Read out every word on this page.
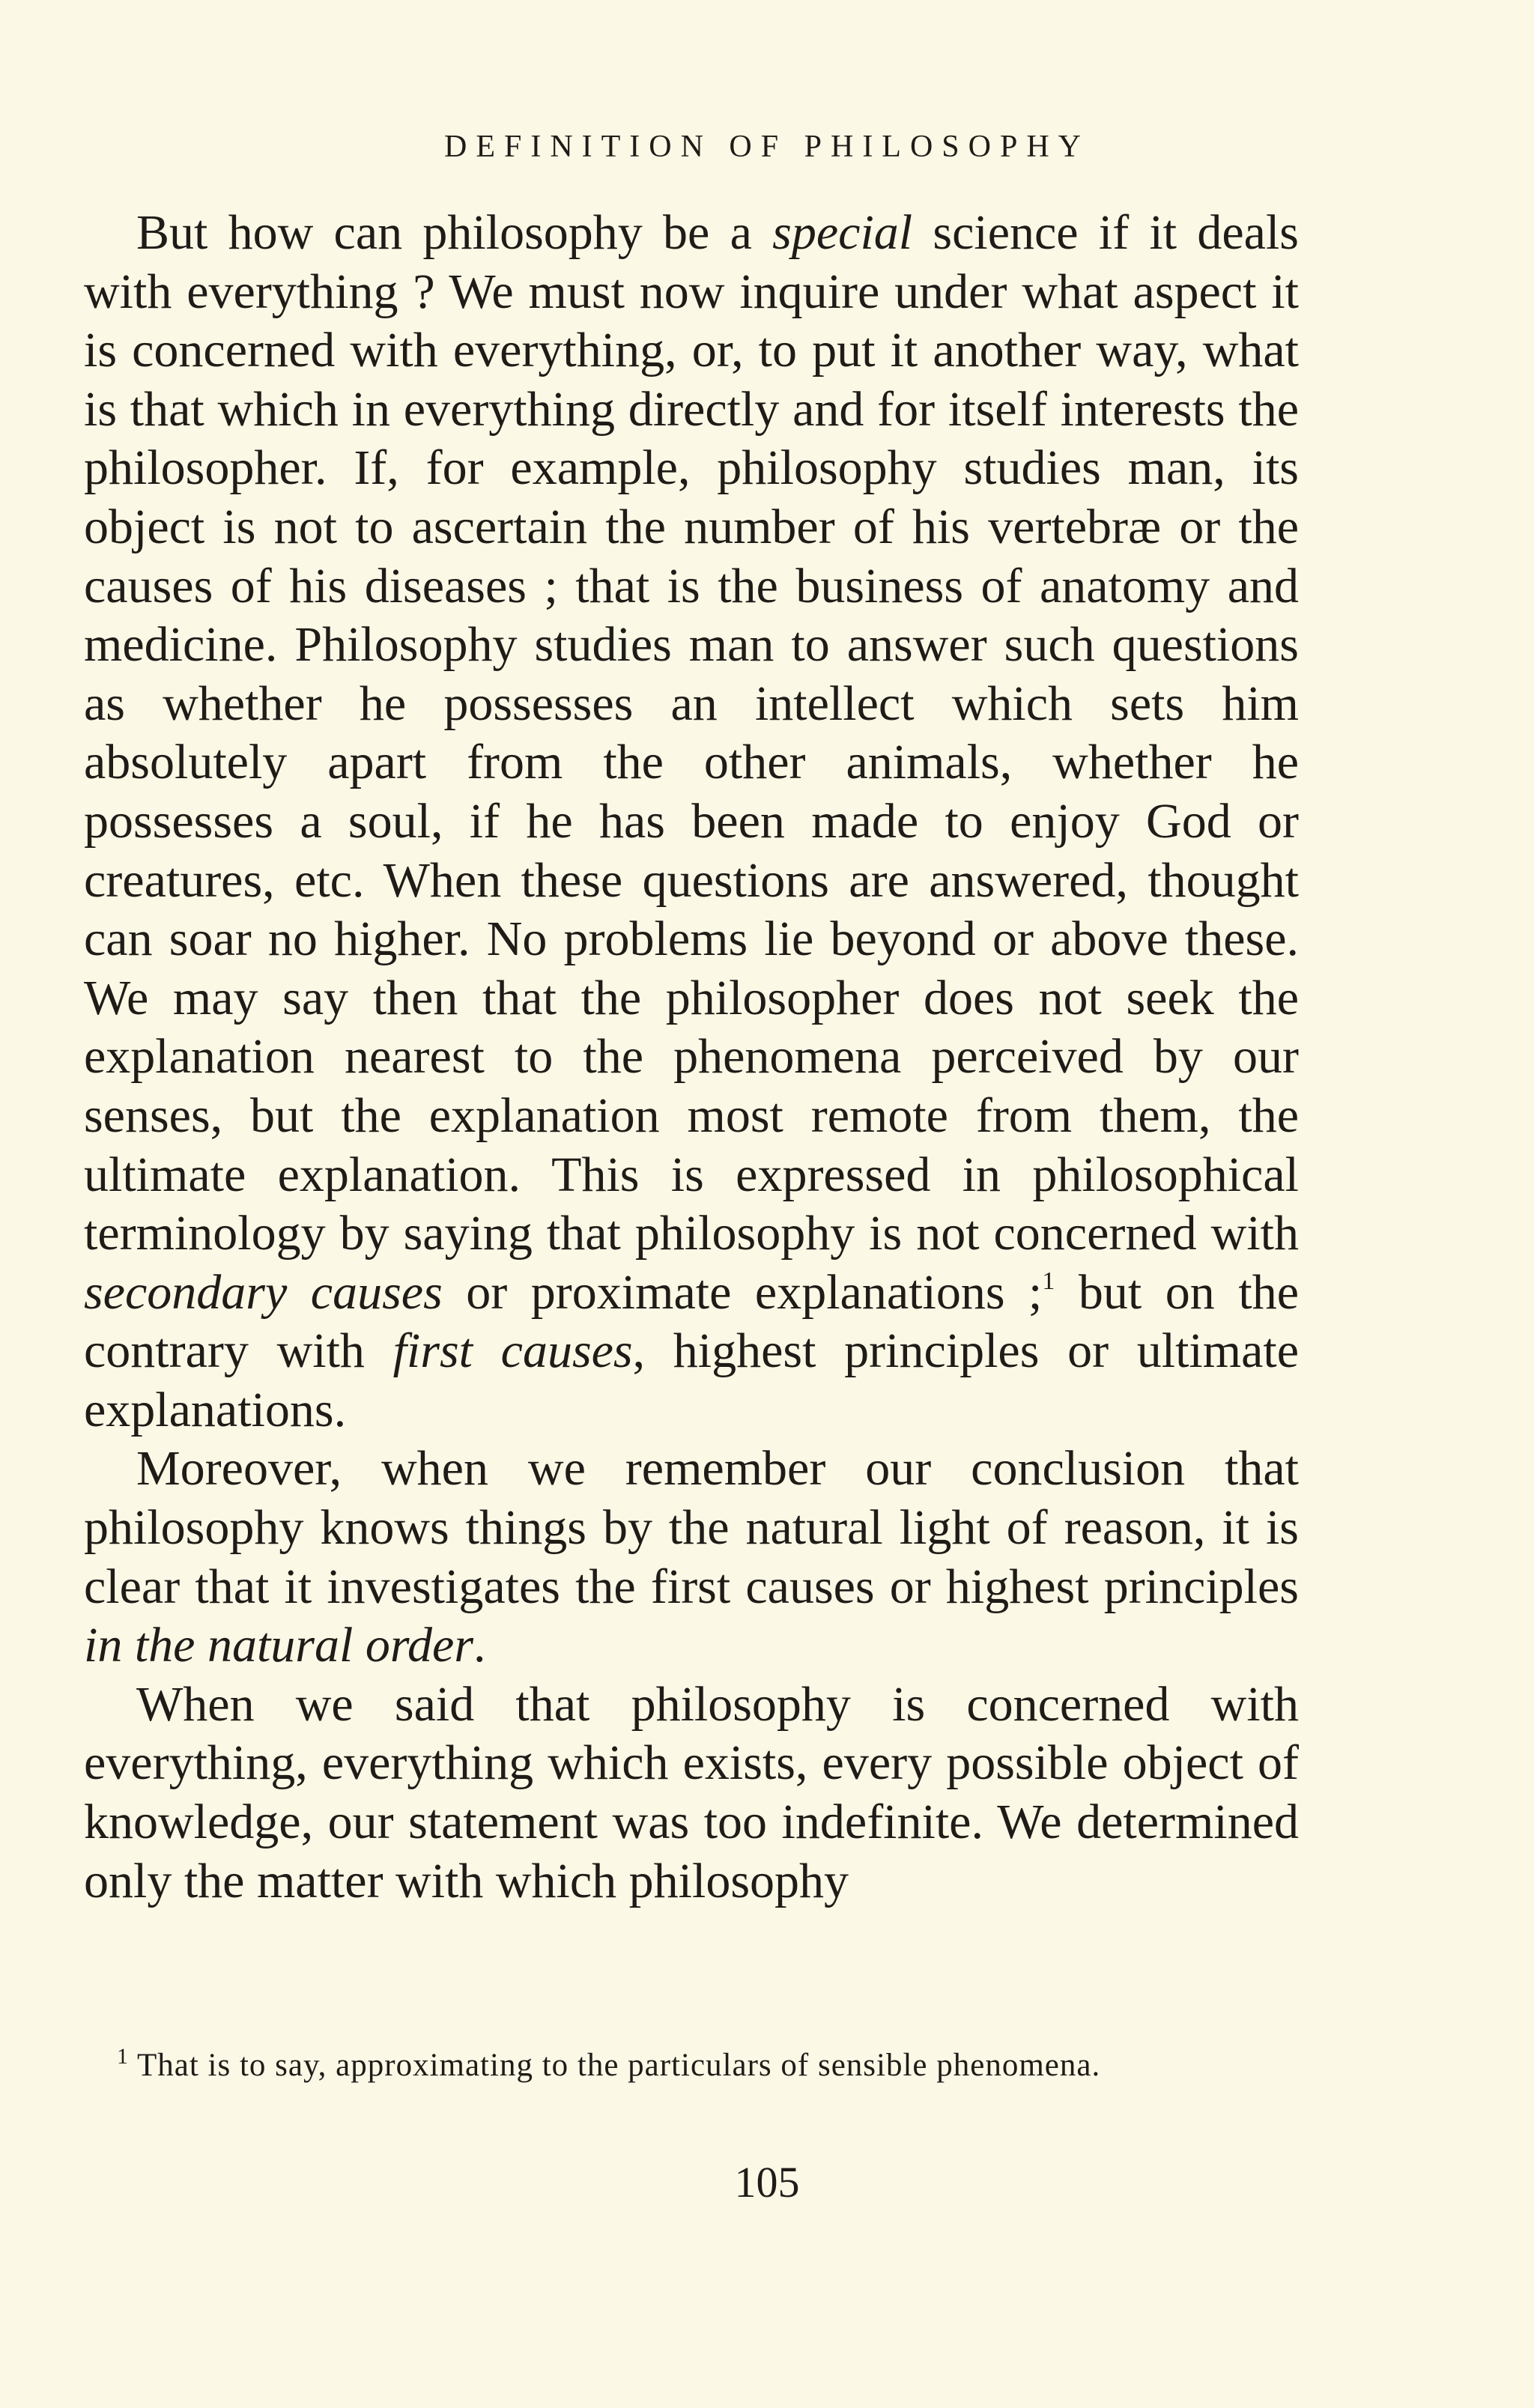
DEFINITION OF PHILOSOPHY

But how can philosophy be a special science if it deals with everything ? We must now inquire under what aspect it is concerned with everything, or, to put it another way, what is that which in everything directly and for itself interests the philosopher. If, for example, philosophy studies man, its object is not to ascertain the number of his vertebræ or the causes of his diseases ; that is the business of anatomy and medicine. Philosophy studies man to answer such questions as whether he possesses an intellect which sets him absolutely apart from the other animals, whether he possesses a soul, if he has been made to enjoy God or creatures, etc. When these questions are answered, thought can soar no higher. No problems lie beyond or above these. We may say then that the philosopher does not seek the explanation nearest to the phenomena perceived by our senses, but the explanation most remote from them, the ultimate explanation. This is expressed in philosophical terminology by saying that philosophy is not concerned with secondary causes or proximate explanations ;$^1$ but on the contrary with first causes, highest principles or ultimate explanations.

Moreover, when we remember our conclusion that philosophy knows things by the natural light of reason, it is clear that it investigates the first causes or highest principles in the natural order.

When we said that philosophy is concerned with everything, everything which exists, every possible object of knowledge, our statement was too indefinite. We determined only the matter with which philosophy

$^1$ That is to say, approximating to the particulars of sensible phenomena.

105
